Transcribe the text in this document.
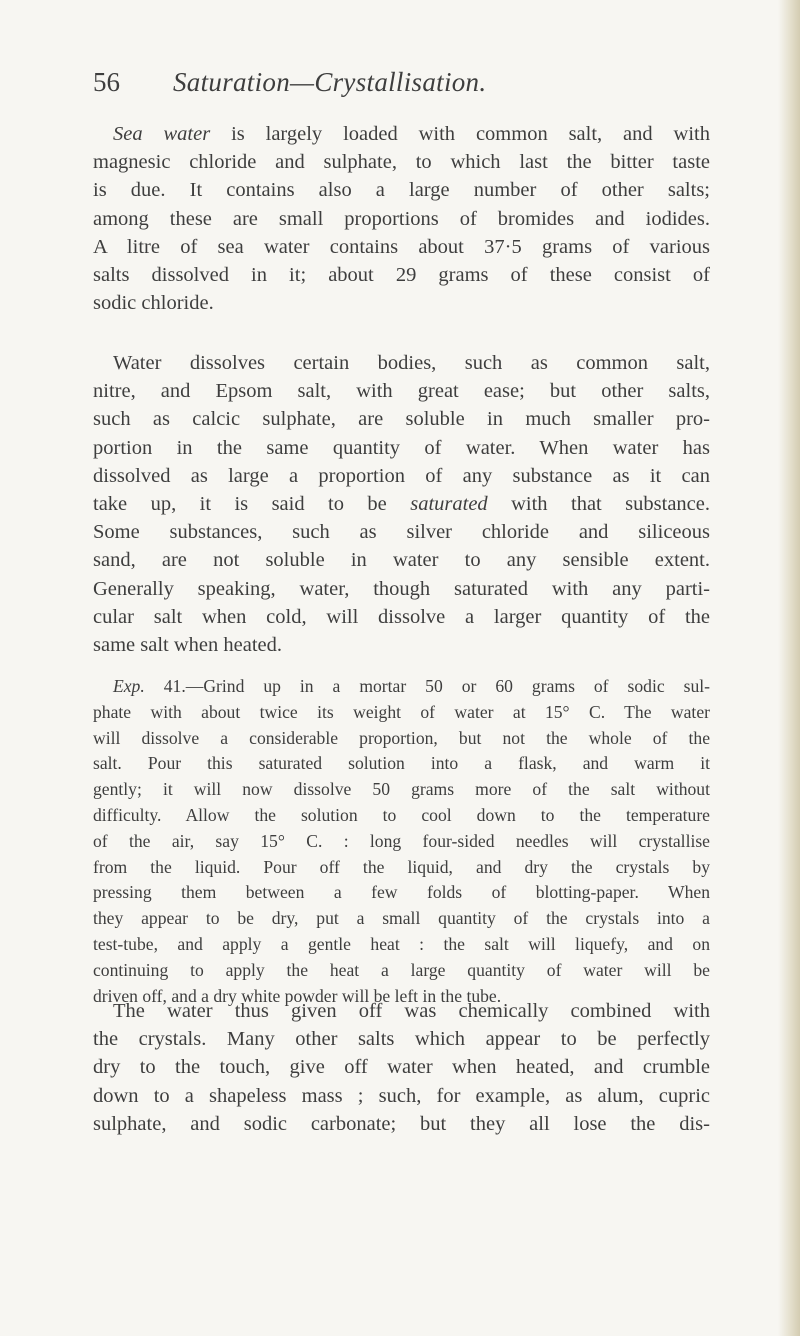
56 Saturation—Crystallisation.
Sea water is largely loaded with common salt, and with
magnesic chloride and sulphate, to which last the bitter taste
is due. It contains also a large number of other salts;
among these are small proportions of bromides and iodides.
A litre of sea water contains about 37·5 grams of various
salts dissolved in it; about 29 grams of these consist of
sodic chloride.
Water dissolves certain bodies, such as common salt,
nitre, and Epsom salt, with great ease; but other salts,
such as calcic sulphate, are soluble in much smaller pro-
portion in the same quantity of water. When water has
dissolved as large a proportion of any substance as it can
take up, it is said to be saturated with that substance.
Some substances, such as silver chloride and siliceous
sand, are not soluble in water to any sensible extent.
Generally speaking, water, though saturated with any parti-
cular salt when cold, will dissolve a larger quantity of the
same salt when heated.
Exp. 41.—Grind up in a mortar 50 or 60 grams of sodic sul-
phate with about twice its weight of water at 15° C. The water
will dissolve a considerable proportion, but not the whole of the
salt. Pour this saturated solution into a flask, and warm it
gently; it will now dissolve 50 grams more of the salt without
difficulty. Allow the solution to cool down to the temperature
of the air, say 15° C. : long four-sided needles will crystallise
from the liquid. Pour off the liquid, and dry the crystals by
pressing them between a few folds of blotting-paper. When
they appear to be dry, put a small quantity of the crystals into a
test-tube, and apply a gentle heat : the salt will liquefy, and on
continuing to apply the heat a large quantity of water will be
driven off, and a dry white powder will be left in the tube.
The water thus given off was chemically combined with
the crystals. Many other salts which appear to be perfectly
dry to the touch, give off water when heated, and crumble
down to a shapeless mass ; such, for example, as alum, cupric
sulphate, and sodic carbonate; but they all lose the dis-
